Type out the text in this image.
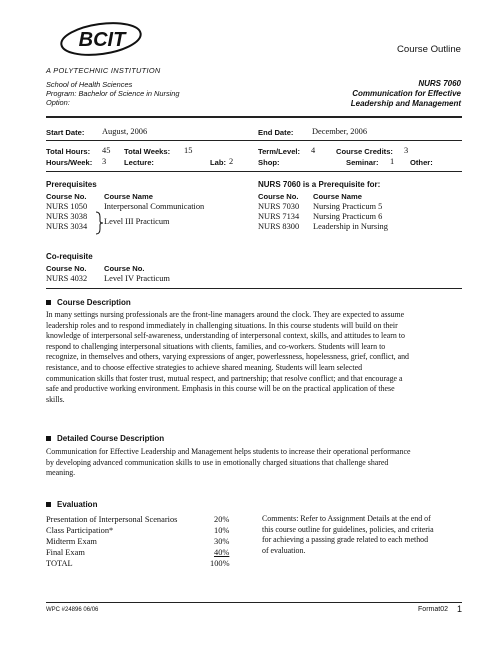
BCIT
A POLYTECHNIC INSTITUTION
Course Outline
School of Health Sciences
Program: Bachelor of Science in Nursing
Option:
NURS 7060
Communication for Effective
Leadership and Management
Start Date: August, 2006	End Date: December, 2006
Total Hours: 45 Total Weeks: 15	Term/Level: 4	Course Credits: 3
Hours/Week: 3 Lecture:	Lab: 2	Shop:	Seminar: 1 Other:
Prerequisites
Course No. Course Name
NURS 1050 Interpersonal Communication
NURS 3038
NURS 3034
Level III Practicum
NURS 7060 is a Prerequisite for:
Course No. Course Name
NURS 7030 Nursing Practicum 5
NURS 7134 Nursing Practicum 6
NURS 8300 Leadership in Nursing
Co-requisite
Course No. Course No.
NURS 4032 Level IV Practicum
Course Description
In many settings nursing professionals are the front-line managers around the clock. They are expected to assume
leadership roles and to respond immediately in challenging situations. In this course students will build on their
knowledge of interpersonal self-awareness, understanding of interpersonal context, skills, and attitudes to learn to
respond to challenging interpersonal situations with clients, families, and co-workers. Students will learn to
recognize, in themselves and others, varying expressions of anger, powerlessness, hopelessness, grief, conflict, and
resistance, and to choose effective strategies to achieve shared meaning. Students will learn selected
communication skills that foster trust, mutual respect, and partnership; that resolve conflict; and that encourage a
safe and productive working environment. Emphasis in this course will be on the practical application of these
skills.
Detailed Course Description
Communication for Effective Leadership and Management helps students to increase their operational performance
by developing advanced communication skills to use in emotionally charged situations that challenge shared
meaning.
Evaluation
Presentation of Interpersonal Scenarios	20%
Class Participation*	10%
Midterm Exam	30%
Final Exam	40%
TOTAL	100%
Comments: Refer to Assignment Details at the end of
this course outline for guidelines, policies, and criteria
for achieving a passing grade related to each method
of evaluation.
WPC #24896 06/06	Format02 1
